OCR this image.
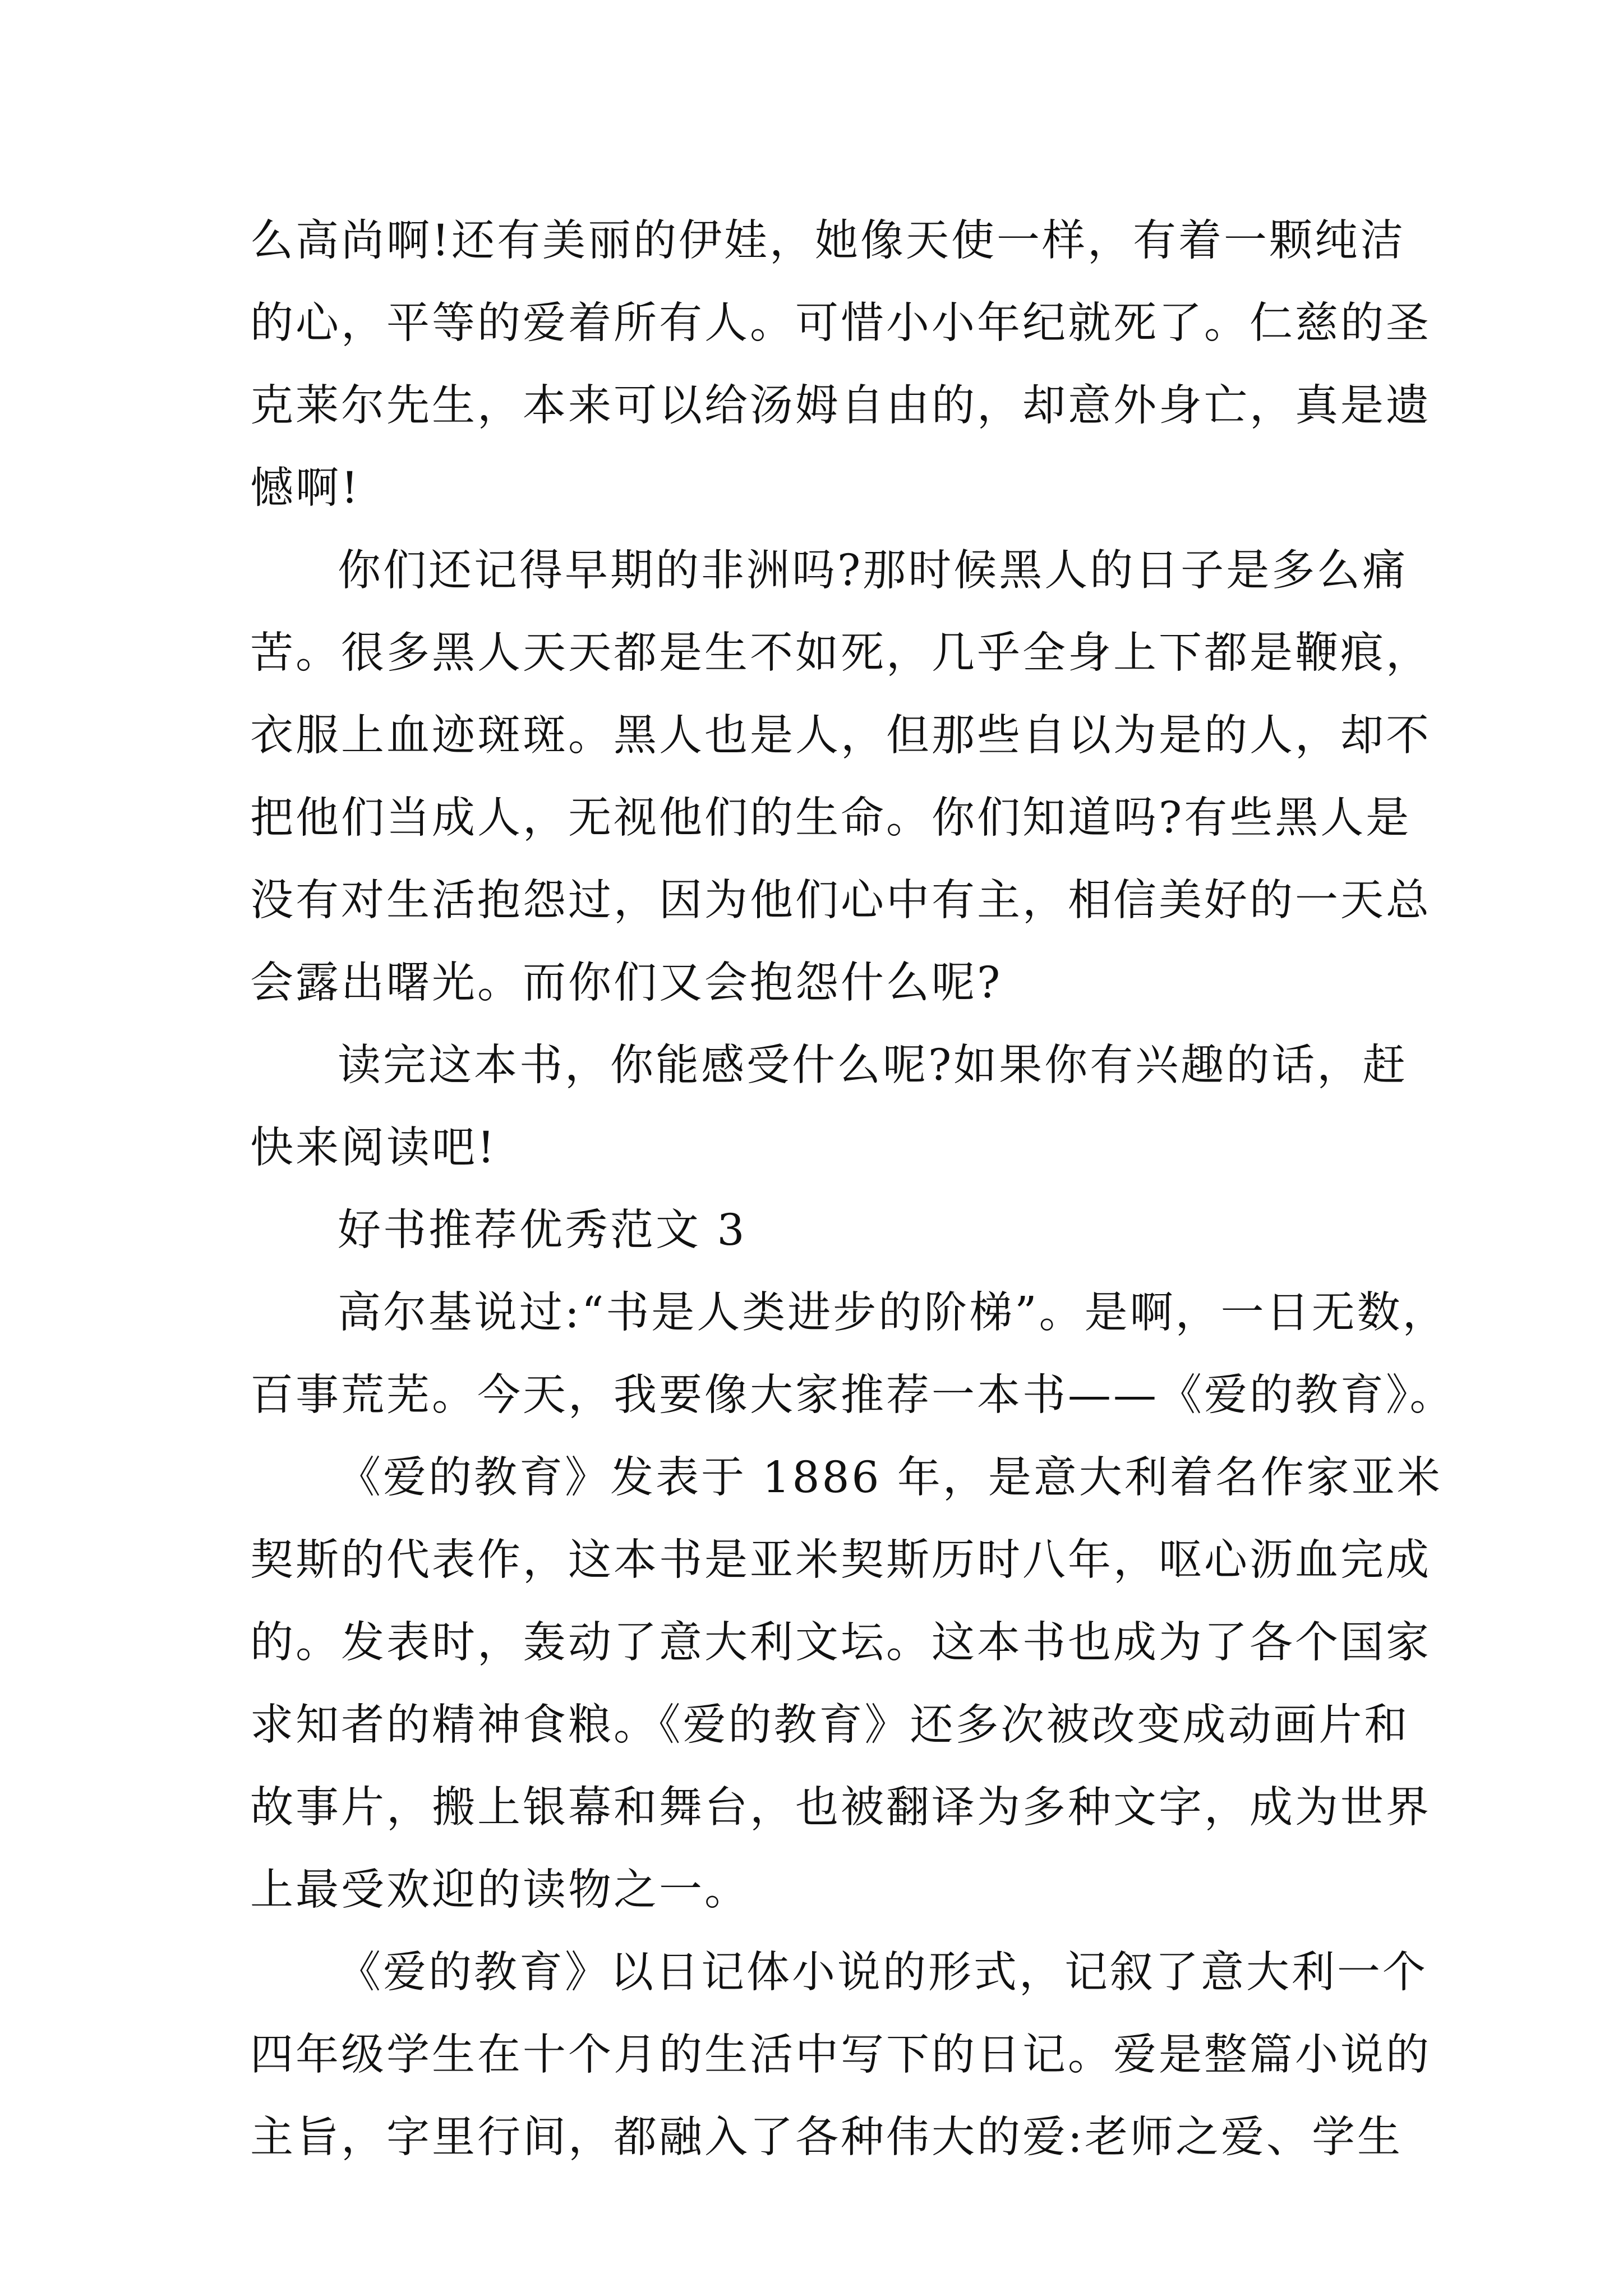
么高尚啊!还有美丽的伊娃，她像天使一样，有着一颗纯洁
的心，平等的爱着所有人。可惜小小年纪就死了。仁慈的圣
克莱尔先生，本来可以给汤姆自由的，却意外身亡，真是遗
憾啊!
你们还记得早期的非洲吗?那时候黑人的日子是多么痛
苦。很多黑人天天都是生不如死，几乎全身上下都是鞭痕，
衣服上血迹斑斑。黑人也是人，但那些自以为是的人，却不
把他们当成人，无视他们的生命。你们知道吗?有些黑人是
没有对生活抱怨过，因为他们心中有主，相信美好的一天总
会露出曙光。而你们又会抱怨什么呢?
读完这本书，你能感受什么呢?如果你有兴趣的话，赶
快来阅读吧!
好书推荐优秀范文 3
高尔基说过:“书是人类进步的阶梯”。是啊，一日无数，
百事荒芜。今天，我要像大家推荐一本书——《爱的教育》。
《爱的教育》发表于 1886 年，是意大利着名作家亚米
契斯的代表作，这本书是亚米契斯历时八年，呕心沥血完成
的。发表时，轰动了意大利文坛。这本书也成为了各个国家
求知者的精神食粮。《爱的教育》还多次被改变成动画片和
故事片，搬上银幕和舞台，也被翻译为多种文字，成为世界
上最受欢迎的读物之一。
《爱的教育》以日记体小说的形式，记叙了意大利一个
四年级学生在十个月的生活中写下的日记。爱是整篇小说的
主旨，字里行间，都融入了各种伟大的爱:老师之爱、学生
